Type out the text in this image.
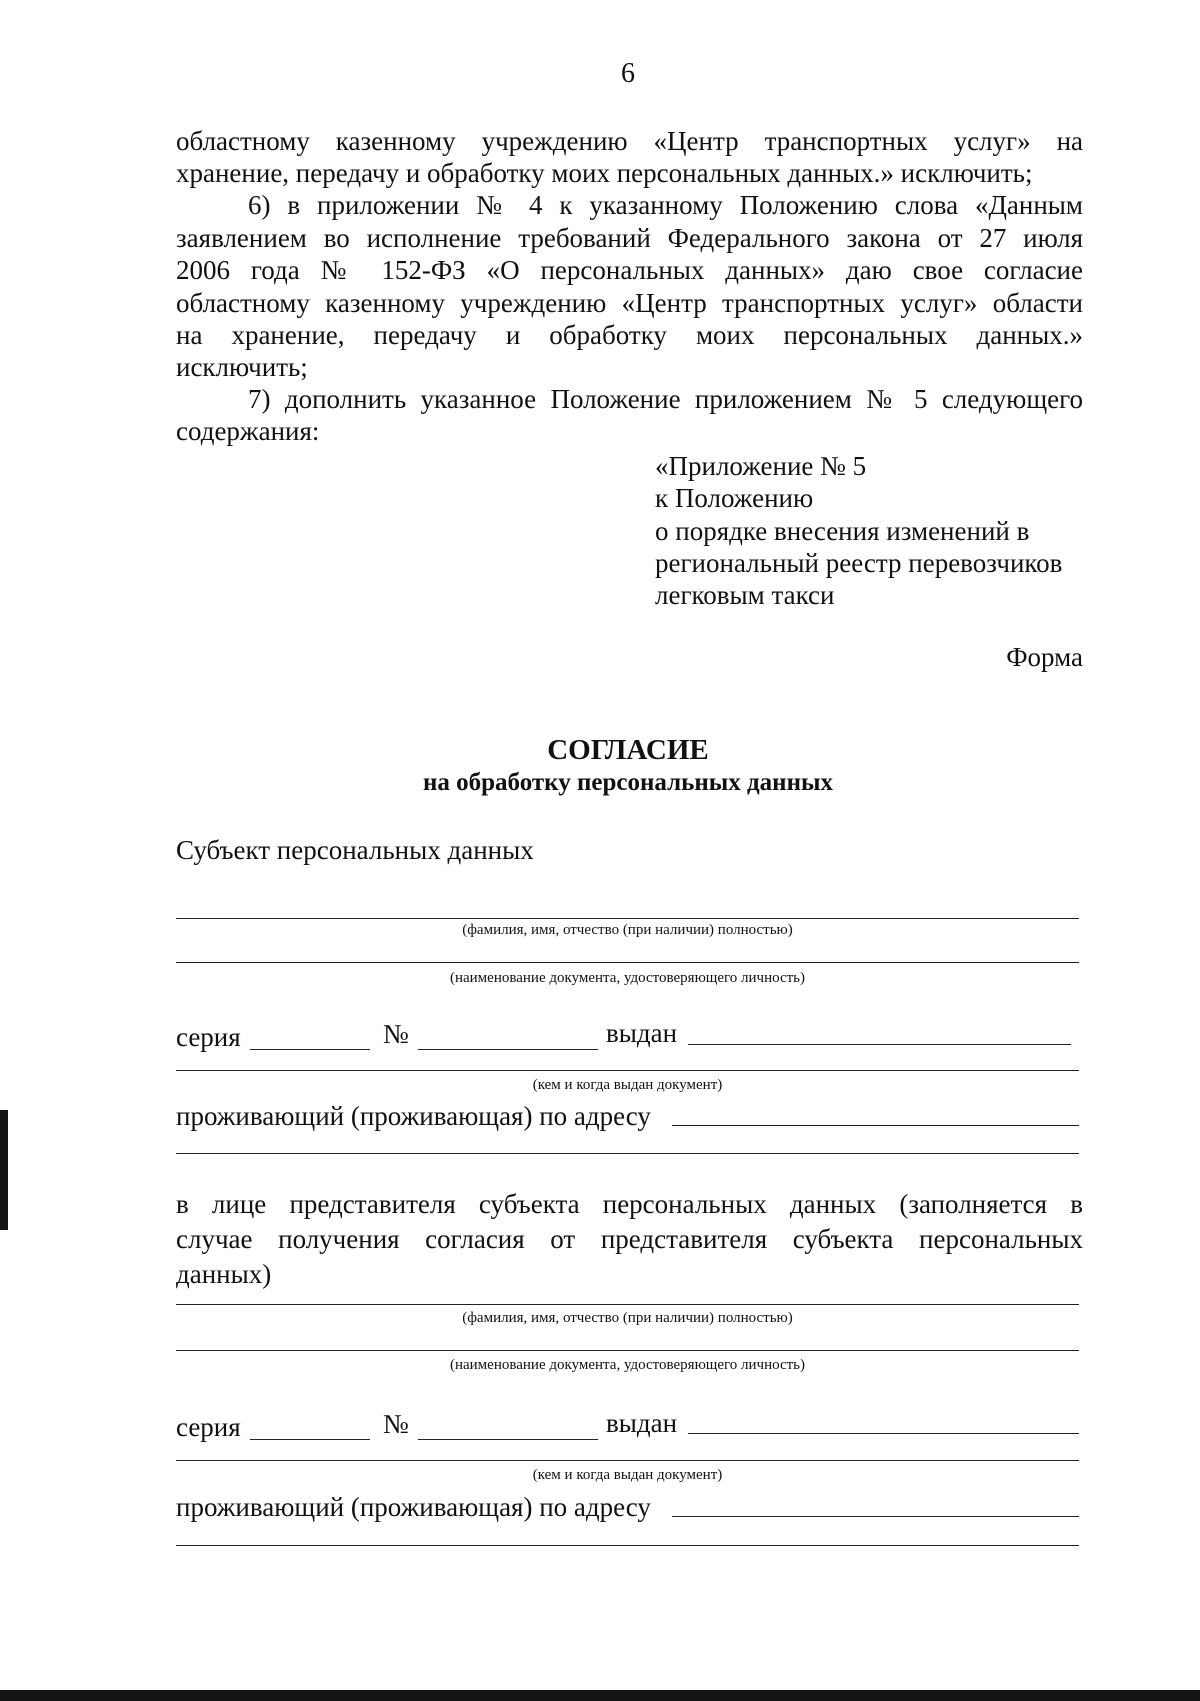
6
областному казенному учреждению «Центр транспортных услуг» на
хранение, передачу и обработку моих персональных данных.» исключить;
6) в приложении № 4 к указанному Положению слова «Данным
заявлением во исполнение требований Федерального закона от 27 июля
2006 года № 152-ФЗ «О персональных данных» даю свое согласие
областному казенному учреждению «Центр транспортных услуг» области
на хранение, передачу и обработку моих персональных данных.»
исключить;
7) дополнить указанное Положение приложением № 5 следующего
содержания:
«Приложение № 5
к Положению
о порядке внесения изменений в
региональный реестр перевозчиков
легковым такси
Форма
СОГЛАСИЕ
на обработку персональных данных
Субъект персональных данных
(фамилия, имя, отчество (при наличии) полностью)
(наименование документа, удостоверяющего личность)
серия	№	выдан
(кем и когда выдан документ)
проживающий (проживающая) по адресу
в лице представителя субъекта персональных данных (заполняется в
случае получения согласия от представителя субъекта персональных
данных)
(фамилия, имя, отчество (при наличии) полностью)
(наименование документа, удостоверяющего личность)
серия	№	выдан
(кем и когда выдан документ)
проживающий (проживающая) по адресу
